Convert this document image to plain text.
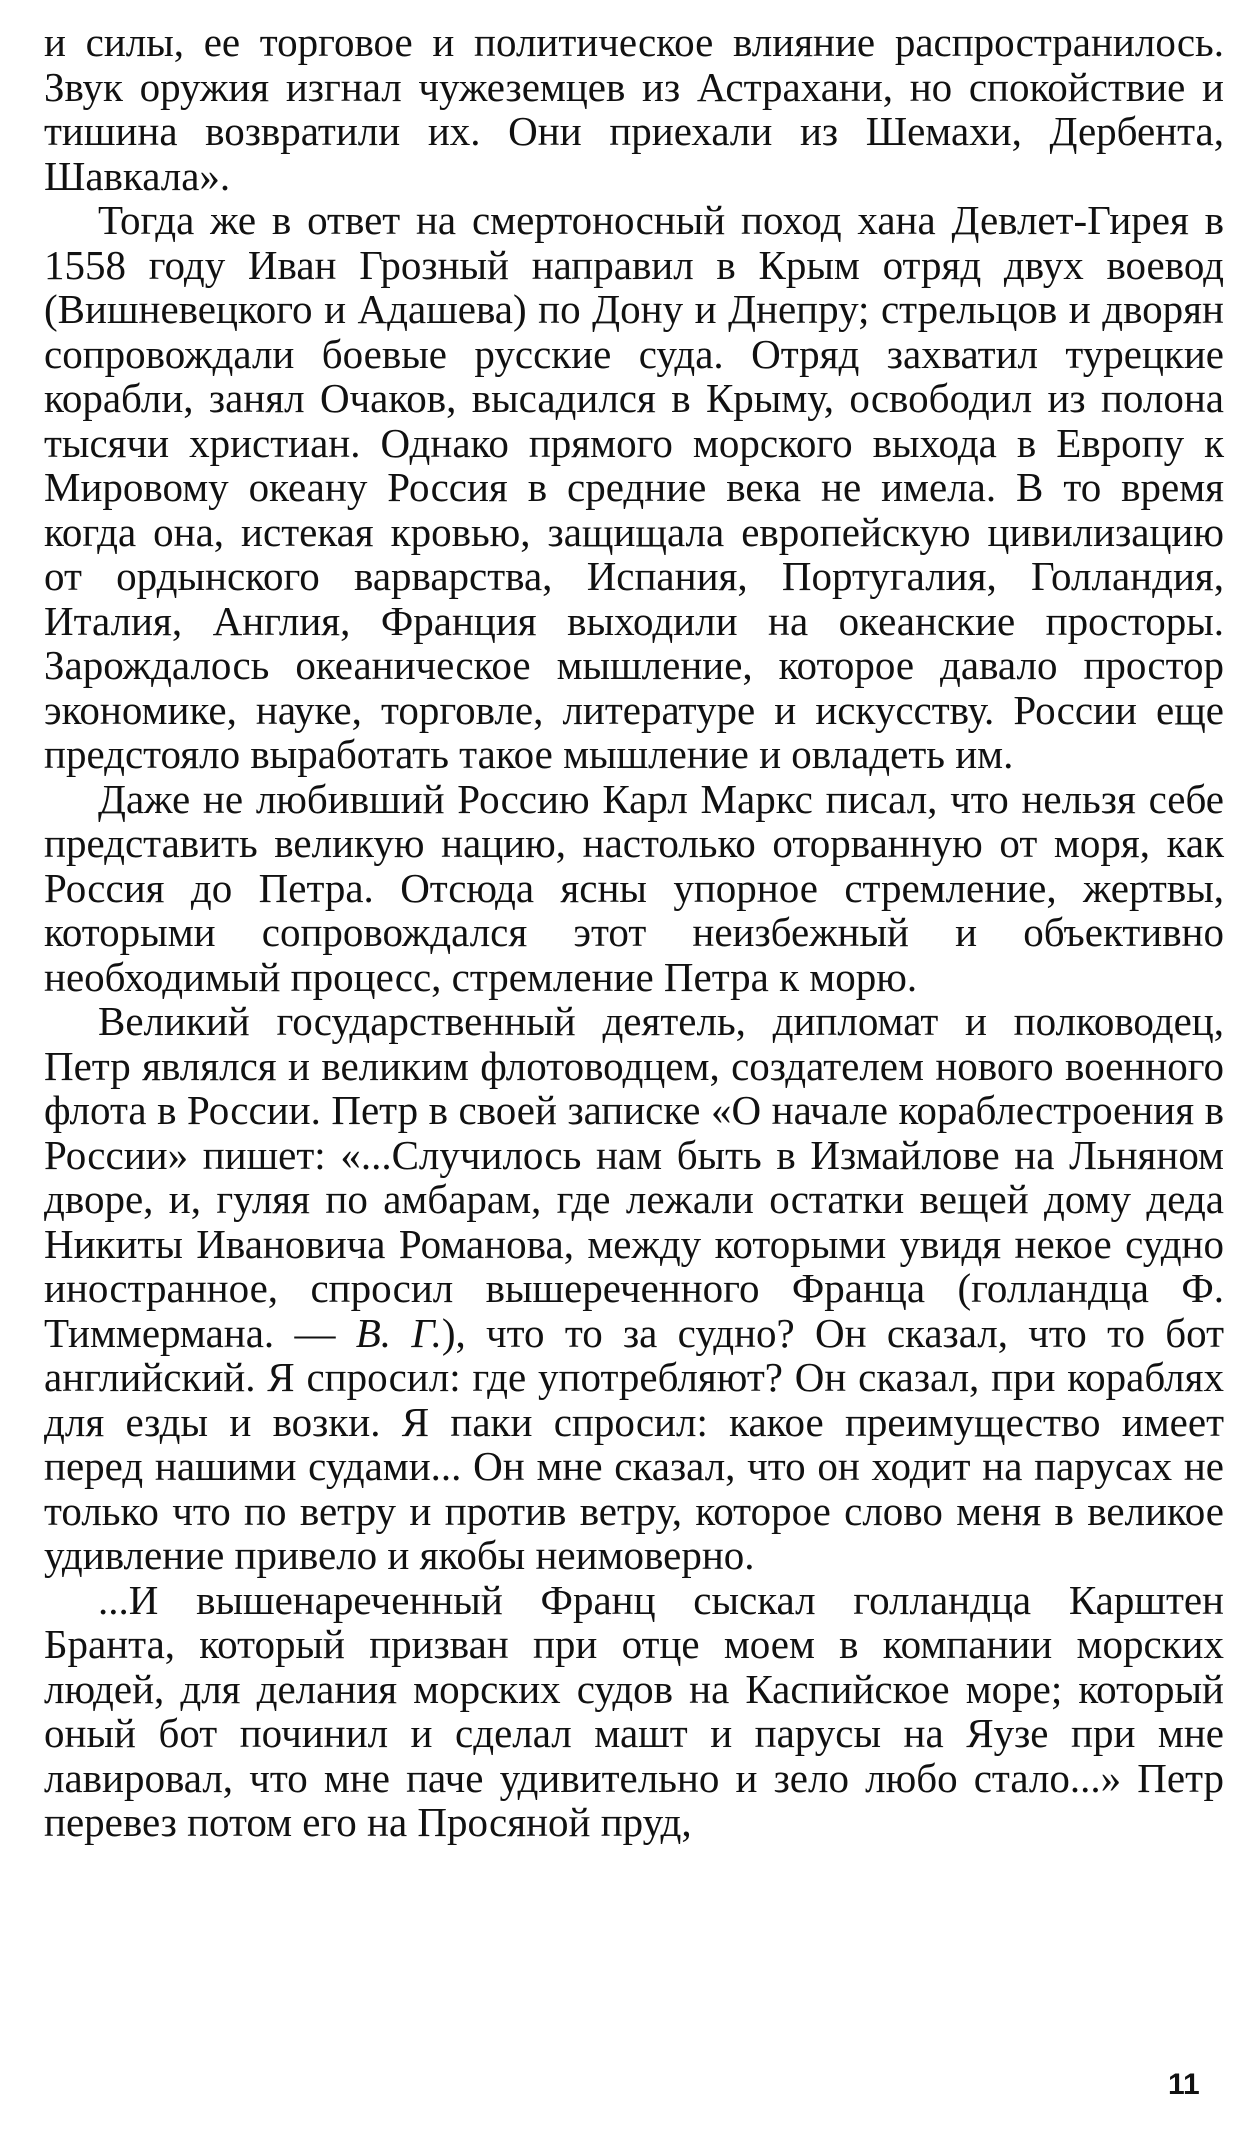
и силы, ее торговое и политическое влияние распространилось. Звук оружия изгнал чужеземцев из Астрахани, но спокойствие и тишина возвратили их. Они приехали из Шемахи, Дербента, Шавкала».

Тогда же в ответ на смертоносный поход хана Девлет-Гирея в 1558 году Иван Грозный направил в Крым отряд двух воевод (Вишневецкого и Адашева) по Дону и Днепру; стрельцов и дворян сопровождали боевые русские суда. Отряд захватил турецкие корабли, занял Очаков, высадился в Крыму, освободил из полона тысячи христиан. Однако прямого морского выхода в Европу к Мировому океану Россия в средние века не имела. В то время когда она, истекая кровью, защищала европейскую цивилизацию от ордынского варварства, Испания, Португалия, Голландия, Италия, Англия, Франция выходили на океанские просторы. Зарождалось океаническое мышление, которое давало простор экономике, науке, торговле, литературе и искусству. России еще предстояло выработать такое мышление и овладеть им.

Даже не любивший Россию Карл Маркс писал, что нельзя себе представить великую нацию, настолько оторванную от моря, как Россия до Петра. Отсюда ясны упорное стремление, жертвы, которыми сопровождался этот неизбежный и объективно необходимый процесс, стремление Петра к морю.

Великий государственный деятель, дипломат и полководец, Петр являлся и великим флотоводцем, создателем нового военного флота в России. Петр в своей записке «О начале кораблестроения в России» пишет: «...Случилось нам быть в Измайлове на Льняном дворе, и, гуляя по амбарам, где лежали остатки вещей дому деда Никиты Ивановича Романова, между которыми увидя некое судно иностранное, спросил вышереченного Франца (голландца Ф. Тиммермана. — В. Г.), что то за судно? Он сказал, что то бот английский. Я спросил: где употребляют? Он сказал, при кораблях для езды и возки. Я паки спросил: какое преимущество имеет перед нашими судами... Он мне сказал, что он ходит на парусах не только что по ветру и против ветру, которое слово меня в великое удивление привело и якобы неимоверно.

...И вышенареченный Франц сыскал голландца Карштен Бранта, который призван при отце моем в компании морских людей, для делания морских судов на Каспийское море; который оный бот починил и сделал машт и парусы на Яузе при мне лавировал, что мне паче удивительно и зело любо стало...» Петр перевез потом его на Просяной пруд,

11
